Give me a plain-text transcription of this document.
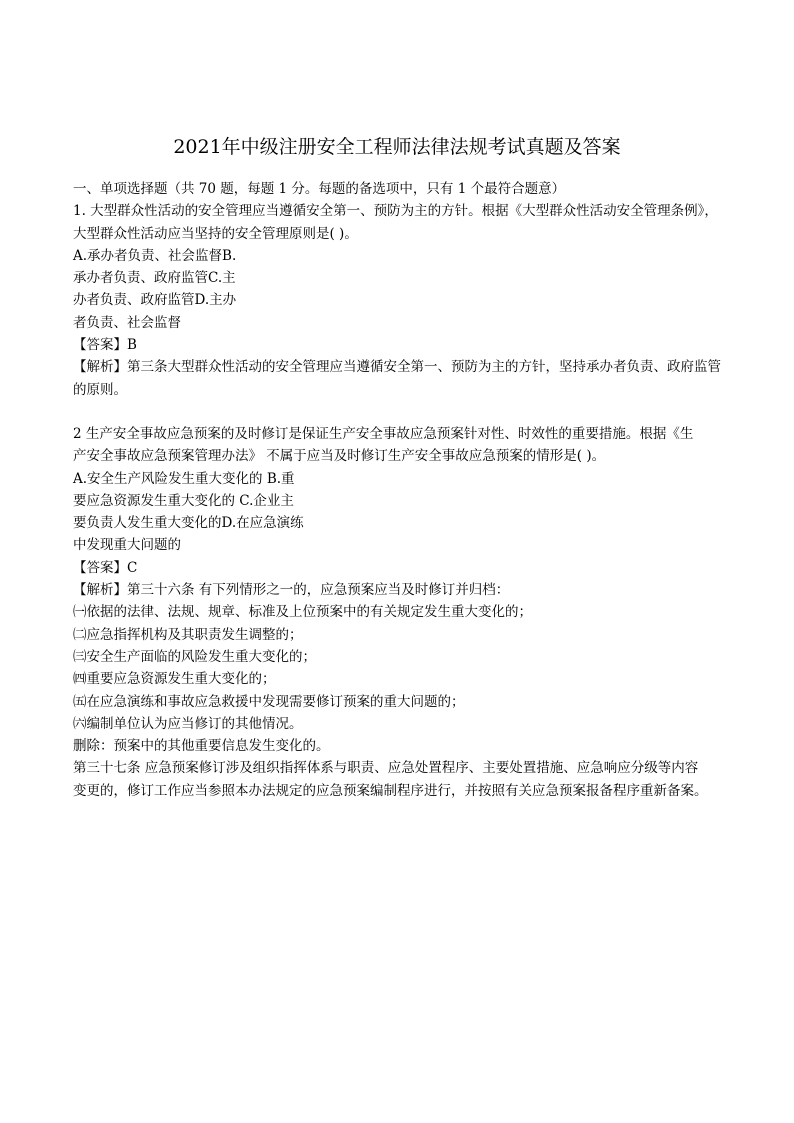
2021年中级注册安全工程师法律法规考试真题及答案

一、单项选择题（共 70 题，每题 1 分。每题的备选项中，只有 1 个最符合题意）

1. 大型群众性活动的安全管理应当遵循安全第一、预防为主的方针。根据《大型群众性活动安全管理条例》，

大型群众性活动应当坚持的安全管理原则是( )。

A.承办者负责、社会监督B.

承办者负责、政府监管C.主

办者负责、政府监管D.主办

者负责、社会监督

【答案】B

【解析】第三条大型群众性活动的安全管理应当遵循安全第一、预防为主的方针，坚持承办者负责、政府监管

的原则。

2 生产安全事故应急预案的及时修订是保证生产安全事故应急预案针对性、时效性的重要措施。根据《生

产安全事故应急预案管理办法》 不属于应当及时修订生产安全事故应急预案的情形是( )。

A.安全生产风险发生重大变化的 B.重

要应急资源发生重大变化的 C.企业主

要负责人发生重大变化的D.在应急演练

中发现重大问题的

【答案】C

【解析】第三十六条 有下列情形之一的，应急预案应当及时修订并归档：

㈠依据的法律、法规、规章、标准及上位预案中的有关规定发生重大变化的；

㈡应急指挥机构及其职责发生调整的；

㈢安全生产面临的风险发生重大变化的；

㈣重要应急资源发生重大变化的；

㈤在应急演练和事故应急救援中发现需要修订预案的重大问题的；

㈥编制单位认为应当修订的其他情况。

删除：预案中的其他重要信息发生变化的。

第三十七条 应急预案修订涉及组织指挥体系与职责、应急处置程序、主要处置措施、应急响应分级等内容

变更的，修订工作应当参照本办法规定的应急预案编制程序进行，并按照有关应急预案报备程序重新备案。
